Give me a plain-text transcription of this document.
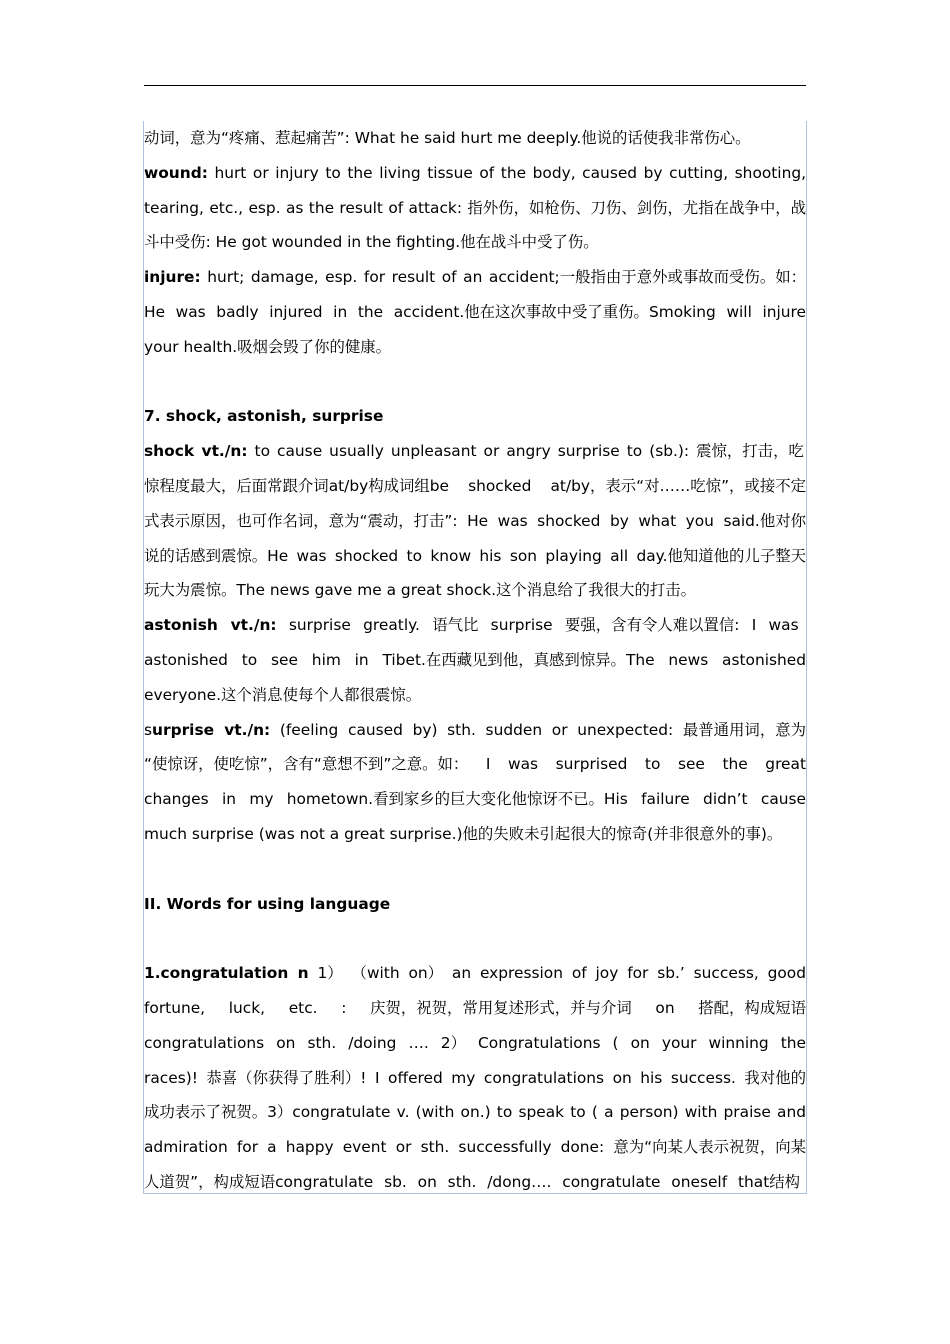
动词，意为“疼痛、惹起痛苦”: What he said hurt me deeply.他说的话使我非常伤心。
wound: hurt or injury to the living tissue of the body, caused by cutting, shooting,
tearing, etc., esp. as the result of attack: 指外伤，如枪伤、刀伤、剑伤，尤指在战争中，战
斗中受伤: He got wounded in the fighting.他在战斗中受了伤。
injure: hurt; damage, esp. for result of an accident;一般指由于意外或事故而受伤。如：
He was badly injured in the accident.他在这次事故中受了重伤。Smoking will injure
your health.吸烟会毁了你的健康。
7. shock, astonish, surprise
shock vt./n: to cause usually unpleasant or angry surprise to (sb.): 震惊，打击，吃
惊程度最大，后面常跟介词at/by构成词组be shocked at/by，表示“对……吃惊”，或接不定
式表示原因，也可作名词，意为“震动，打击”: He was shocked by what you said.他对你
说的话感到震惊。He was shocked to know his son playing all day.他知道他的儿子整天
玩大为震惊。The news gave me a great shock.这个消息给了我很大的打击。
astonish vt./n: surprise greatly. 语气比 surprise 要强，含有令人难以置信: I was
astonished to see him in Tibet.在西藏见到他，真感到惊异。The news astonished
everyone.这个消息使每个人都很震惊。
surprise vt./n: (feeling caused by) sth. sudden or unexpected: 最普通用词，意为
“使惊讶，使吃惊”，含有“意想不到”之意。如： I was surprised to see the great
changes in my hometown.看到家乡的巨大变化他惊讶不已。His failure didn’t cause
much surprise (was not a great surprise.)他的失败未引起很大的惊奇(并非很意外的事)。
II. Words for using language
1.congratulation n 1） （with on） an expression of joy for sb.’ success, good
fortune, luck, etc. : 庆贺，祝贺，常用复述形式，并与介词 on 搭配，构成短语
congratulations on sth. /doing …. 2） Congratulations ( on your winning the
races)! 恭喜（你获得了胜利）! I offered my congratulations on his success. 我对他的
成功表示了祝贺。3）congratulate v. (with on.) to speak to ( a person) with praise and
admiration for a happy event or sth. successfully done: 意为“向某人表示祝贺，向某
人道贺”，构成短语congratulate sb. on sth. /dong…. congratulate oneself that结构
